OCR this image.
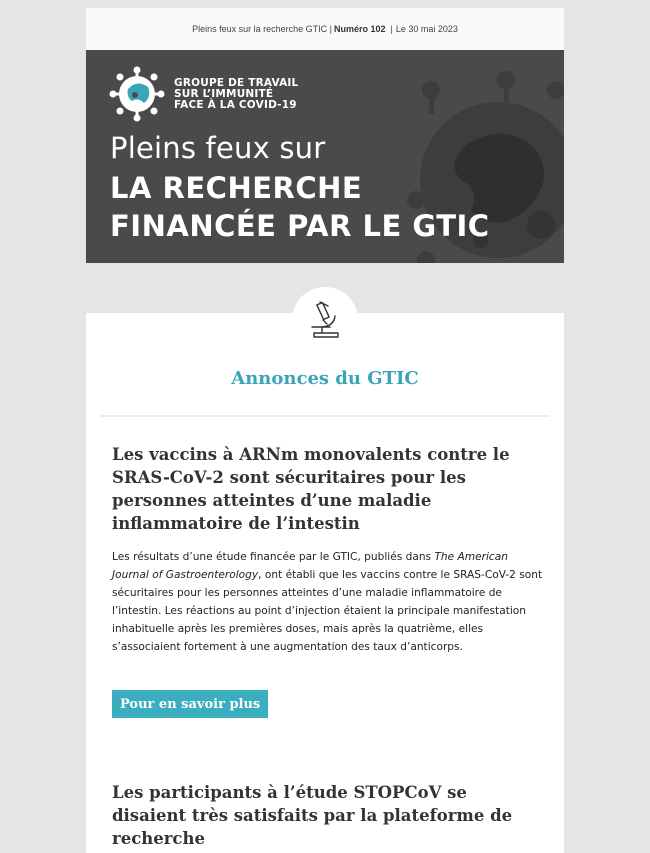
Pleins feux sur la recherche GTIC | Numéro 102 | Le 30 mai 2023
GROUPE DE TRAVAIL
SUR L’IMMUNITÉ
FACE À LA COVID-19
Pleins feux sur
LA RECHERCHE
FINANCÉE PAR LE GTIC
Annonces du GTIC
Les vaccins à ARNm monovalents contre le SRAS-CoV-2 sont sécuritaires pour les personnes atteintes d’une maladie inflammatoire de l’intestin
Les résultats d’une étude financée par le GTIC, publiés dans The American Journal of Gastroenterology, ont établi que les vaccins contre le SRAS-CoV-2 sont sécuritaires pour les personnes atteintes d’une maladie inflammatoire de l’intestin. Les réactions au point d’injection étaient la principale manifestation inhabituelle après les premières doses, mais après la quatrième, elles s’associaient fortement à une augmentation des taux d’anticorps.
Pour en savoir plus
Les participants à l’étude STOPCoV se disaient très satisfaits par la plateforme de recherche
